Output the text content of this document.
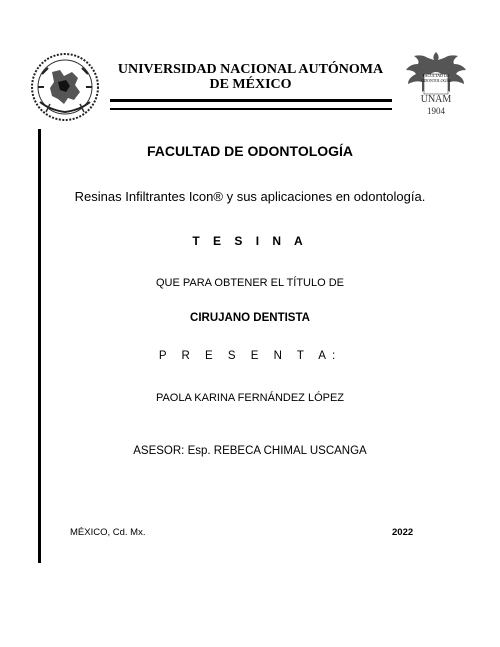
UNIVERSIDAD NACIONAL AUTÓNOMA DE MÉXICO
FACULTAD DE
ODONTOLOGÍA
UNAM
1904
FACULTAD DE ODONTOLOGÍA
Resinas Infiltrantes Icon® y sus aplicaciones en odontología.
T E S I N A
QUE PARA OBTENER EL TÍTULO DE
CIRUJANO DENTISTA
P R E S E N T A:
PAOLA KARINA FERNÁNDEZ LÓPEZ
ASESOR: Esp. REBECA CHIMAL USCANGA
MÉXICO, Cd. Mx.	2022
